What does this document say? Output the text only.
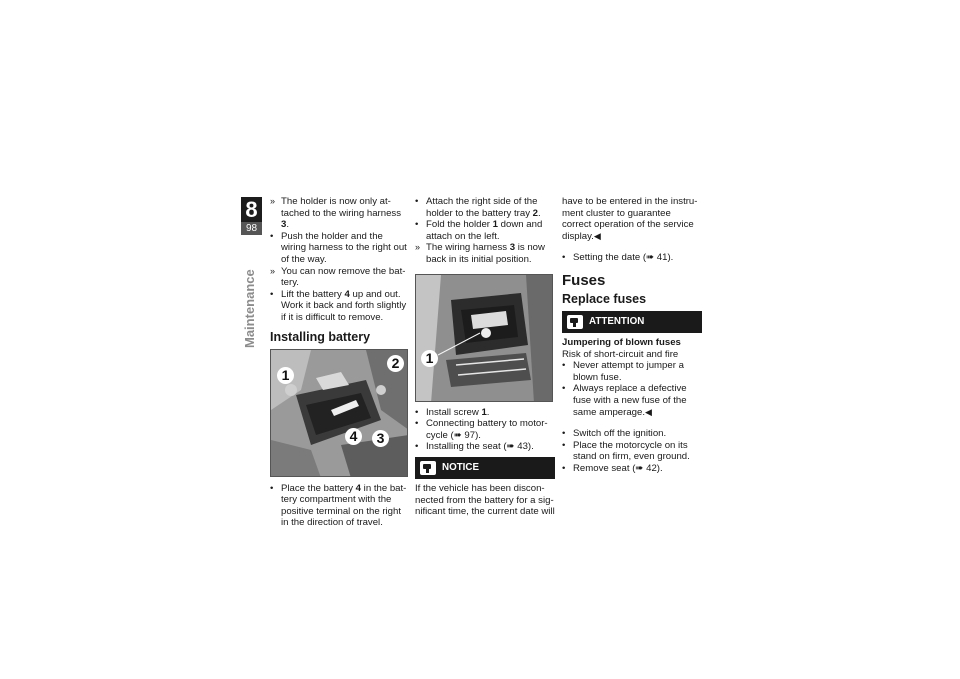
8
98
Maintenance

» The holder is now only at-tached to the wiring harness 3.

• Push the holder and the wiring harness to the right out of the way.

» You can now remove the bat-tery.

• Lift the battery 4 up and out. Work it back and forth slightly if it is difficult to remove.

Installing battery
1
2
4	3

• Place the battery 4 in the bat-tery compartment with the positive terminal on the right in the direction of travel.

• Attach the right side of the holder to the battery tray 2.

• Fold the holder 1 down and attach on the left.

» The wiring harness 3 is now back in its initial position.

1

• Install screw 1.

• Connecting battery to motor-cycle (➠ 97).

• Installing the seat (➠ 43).

NOTICE

If the vehicle has been discon-nected from the battery for a sig-nificant time, the current date will

have to be entered in the instru-ment cluster to guarantee correct operation of the service display.◀

• Setting the date (➠ 41).

Fuses
Replace fuses
ATTENTION

Jumpering of blown fuses

Risk of short-circuit and fire

• Never attempt to jumper a blown fuse.

• Always replace a defective fuse with a new fuse of the same amperage.◀

• Switch off the ignition.

• Place the motorcycle on its stand on firm, even ground.

• Remove seat (➠ 42).
